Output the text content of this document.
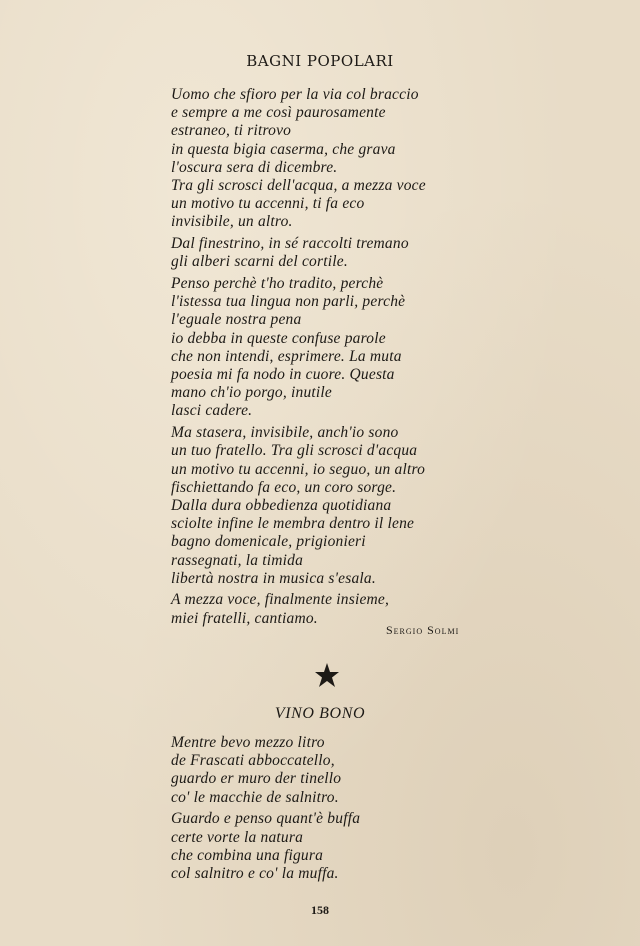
BAGNI POPOLARI
Uomo che sfioro per la via col braccio
e sempre a me così paurosamente
estraneo, ti ritrovo
in questa bigia caserma, che grava
l'oscura sera di dicembre.
Tra gli scrosci dell'acqua, a mezza voce
un motivo tu accenni, ti fa eco
invisibile, un altro.
Dal finestrino, in sé raccolti tremano
gli alberi scarni del cortile.
Penso perchè t'ho tradito, perchè
l'istessa tua lingua non parli, perchè
l'eguale nostra pena
io debba in queste confuse parole
che non intendi, esprimere. La muta
poesia mi fa nodo in cuore. Questa
mano ch'io porgo, inutile
lasci cadere.
Ma stasera, invisibile, anch'io sono
un tuo fratello. Tra gli scrosci d'acqua
un motivo tu accenni, io seguo, un altro
fischiettando fa eco, un coro sorge.
Dalla dura obbedienza quotidiana
sciolte infine le membra dentro il lene
bagno domenicale, prigionieri
rassegnati, la timida
libertà nostra in musica s'esala.
A mezza voce, finalmente insieme,
miei fratelli, cantiamo.
Sergio Solmi
VINO BONO
Mentre bevo mezzo litro
de Frascati abboccatello,
guardo er muro der tinello
co' le macchie de salnitro.
Guardo e penso quant'è buffa
certe vorte la natura
che combina una figura
col salnitro e co' la muffa.
158
